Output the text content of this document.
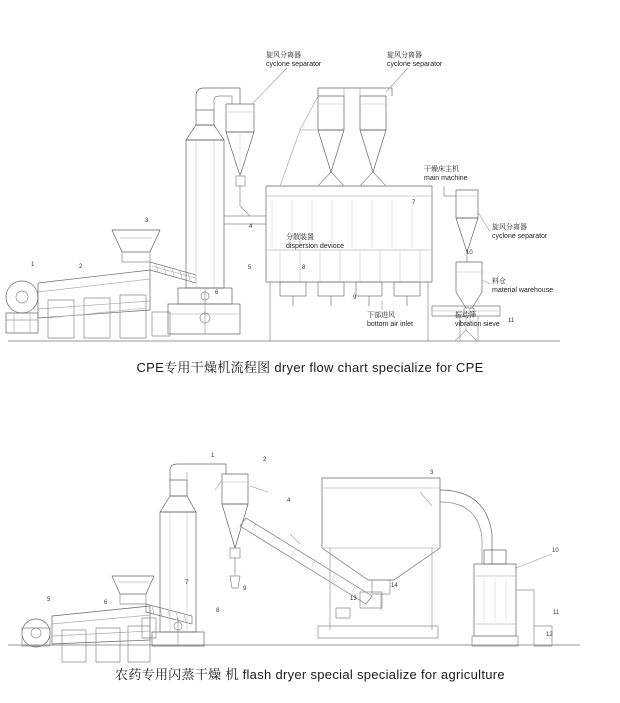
旋风分离器
cyclone separator
旋风分离器
cyclone separator
干燥床主机
main machine
旋风分离器
cyclone separator
分散装置
dispersion devioce
料仓
material warehouse
下部进风
bottom air inlet
振动筛
vibration sieve
1	2
3
4
5
6
7
8
9
10
11
CPE专用干燥机流程图 dryer flow chart specialize for CPE
1
2
3
4
5	6
7
8
9
10
11
12
13
14
农药专用闪蒸干燥 机 flash dryer special specialize for agriculture
